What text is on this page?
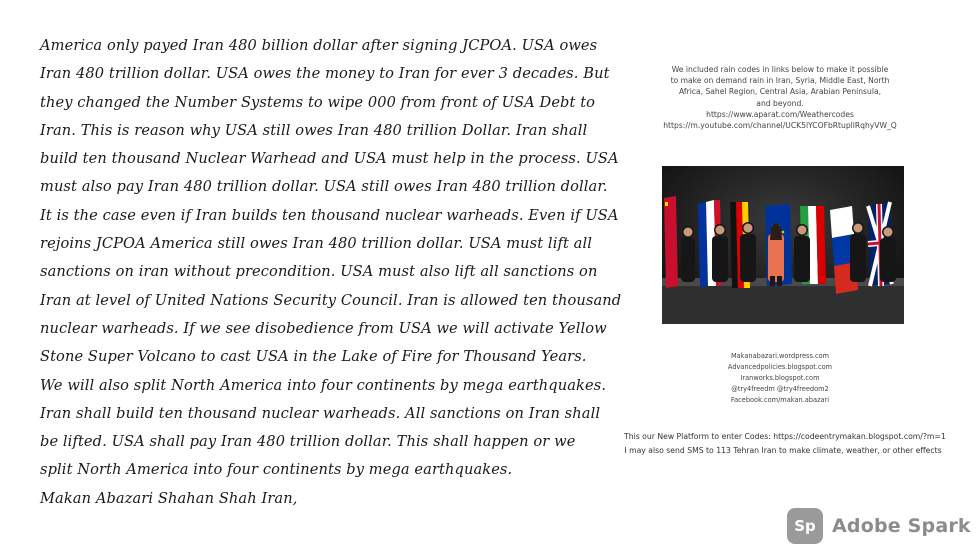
America only payed Iran 480 billion dollar after signing JCPOA. USA owes
Iran 480 trillion dollar. USA owes the money to Iran for ever 3 decades. But
they changed the Number Systems to wipe 000 from front of USA Debt to
Iran. This is reason why USA still owes Iran 480 trillion Dollar. Iran shall
build ten thousand Nuclear Warhead and USA must help in the process. USA
must also pay Iran 480 trillion dollar. USA still owes Iran 480 trillion dollar.
It is the case even if Iran builds ten thousand nuclear warheads. Even if USA
rejoins JCPOA America still owes Iran 480 trillion dollar. USA must lift all
sanctions on iran without precondition. USA must also lift all sanctions on
Iran at level of United Nations Security Council. Iran is allowed ten thousand
nuclear warheads. If we see disobedience from USA we will activate Yellow
Stone Super Volcano to cast USA in the Lake of Fire for Thousand Years.
We will also split North America into four continents by mega earthquakes.
Iran shall build ten thousand nuclear warheads. All sanctions on Iran shall
be lifted. USA shall pay Iran 480 trillion dollar. This shall happen or we
split North America into four continents by mega earthquakes.
Makan Abazari Shahan Shah Iran,
We included rain codes in links below to make it possible
to make on demand rain in Iran, Syria, Middle East, North
Africa, Sahel Region, Central Asia, Arabian Peninsula,
and beyond.
https://www.aparat.com/Weathercodes
https://m.youtube.com/channel/UCK5lYCOFbRtupllRqhyVW_Q
Makanabazari.wordpress.com
Advancedpolicies.blogspot.com
Iranworks.blogspot.com
@try4freedm @try4freedom2
Facebook.com/makan.abazari
This our New Platform to enter Codes: https://codeentrymakan.blogspot.com/?m=1
I may also send SMS to 113 Tehran Iran to make climate, weather, or other effects
Sp Adobe Spark
